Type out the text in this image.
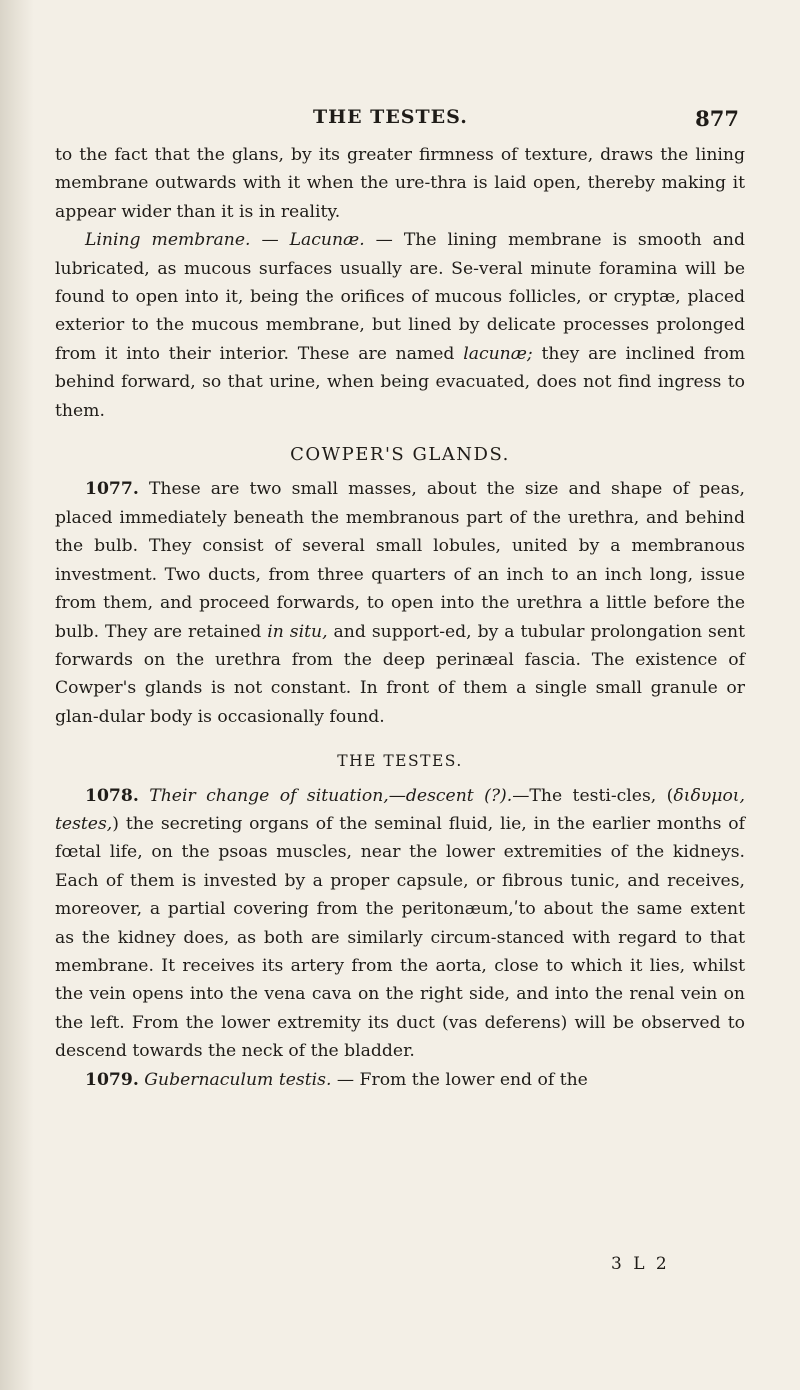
THE TESTES.	877

to the fact that the glans, by its greater firmness of texture, draws the lining membrane outwards with it when the ure-thra is laid open, thereby making it appear wider than it is in reality.

Lining membrane. — Lacunæ. — The lining membrane is smooth and lubricated, as mucous surfaces usually are. Se-veral minute foramina will be found to open into it, being the orifices of mucous follicles, or cryptæ, placed exterior to the mucous membrane, but lined by delicate processes prolonged from it into their interior. These are named lacunæ; they are inclined from behind forward, so that urine, when being evacuated, does not find ingress to them.

COWPER'S GLANDS.

1077. These are two small masses, about the size and shape of peas, placed immediately beneath the membranous part of the urethra, and behind the bulb. They consist of several small lobules, united by a membranous investment. Two ducts, from three quarters of an inch to an inch long, issue from them, and proceed forwards, to open into the urethra a little before the bulb. They are retained in situ, and support-ed, by a tubular prolongation sent forwards on the urethra from the deep perinæal fascia. The existence of Cowper's glands is not constant. In front of them a single small granule or glan-dular body is occasionally found.

THE TESTES.

1078. Their change of situation,—descent (?).—The testi-cles, (διδυμοι, testes,) the secreting organs of the seminal fluid, lie, in the earlier months of fœtal life, on the psoas muscles, near the lower extremities of the kidneys. Each of them is invested by a proper capsule, or fibrous tunic, and receives, moreover, a partial covering from the peritonæum,ʹto about the same extent as the kidney does, as both are similarly circum-stanced with regard to that membrane. It receives its artery from the aorta, close to which it lies, whilst the vein opens into the vena cava on the right side, and into the renal vein on the left. From the lower extremity its duct (vas deferens) will be observed to descend towards the neck of the bladder.

1079. Gubernaculum testis. — From the lower end of the

3 L 2
